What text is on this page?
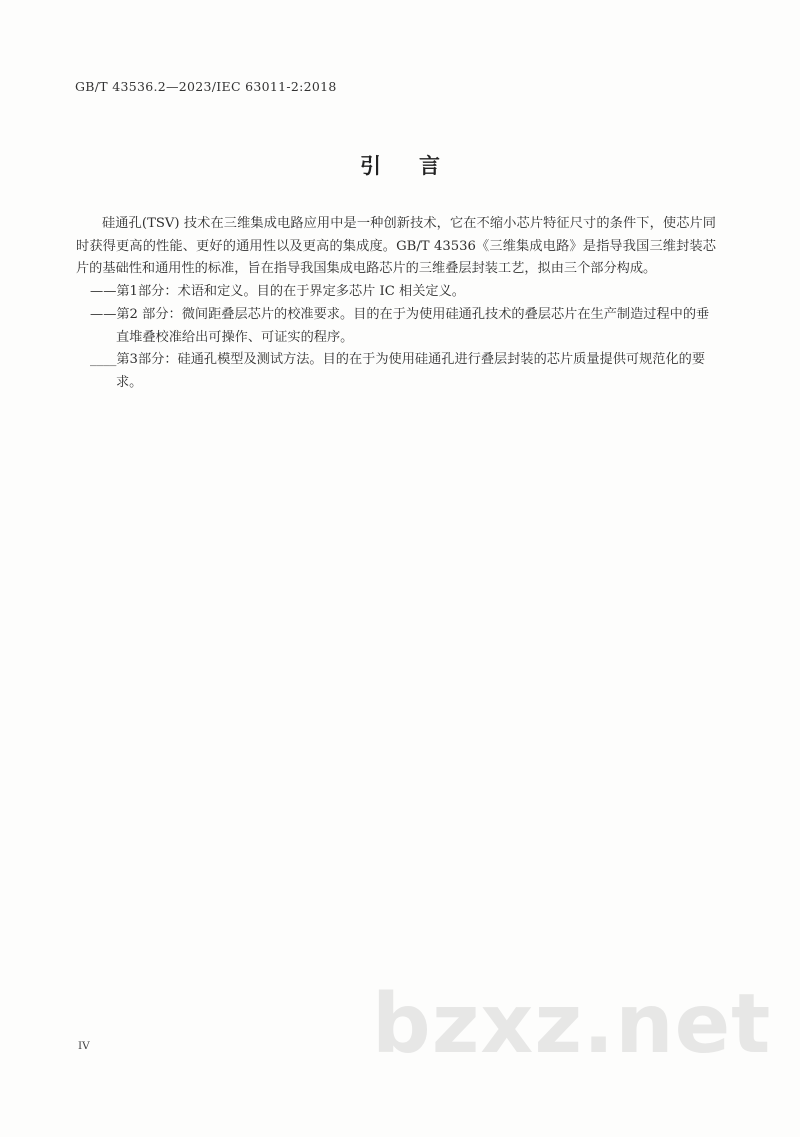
GB/T 43536.2—2023/IEC 63011-2:2018
引言

硅通孔(TSV) 技术在三维集成电路应用中是一种创新技术，它在不缩小芯片特征尺寸的条件下，使芯片同时获得更高的性能、更好的通用性以及更高的集成度。GB/T 43536《三维集成电路》是指导我国三维封装芯片的基础性和通用性的标准，旨在指导我国集成电路芯片的三维叠层封装工艺，拟由三个部分构成。

——第1部分：术语和定义。目的在于界定多芯片 IC 相关定义。

——第2 部分：微间距叠层芯片的校准要求。目的在于为使用硅通孔技术的叠层芯片在生产制造过程中的垂直堆叠校准给出可操作、可证实的程序。

____第3部分：硅通孔模型及测试方法。目的在于为使用硅通孔进行叠层封装的芯片质量提供可规范化的要求。

bzxz.net
IV
